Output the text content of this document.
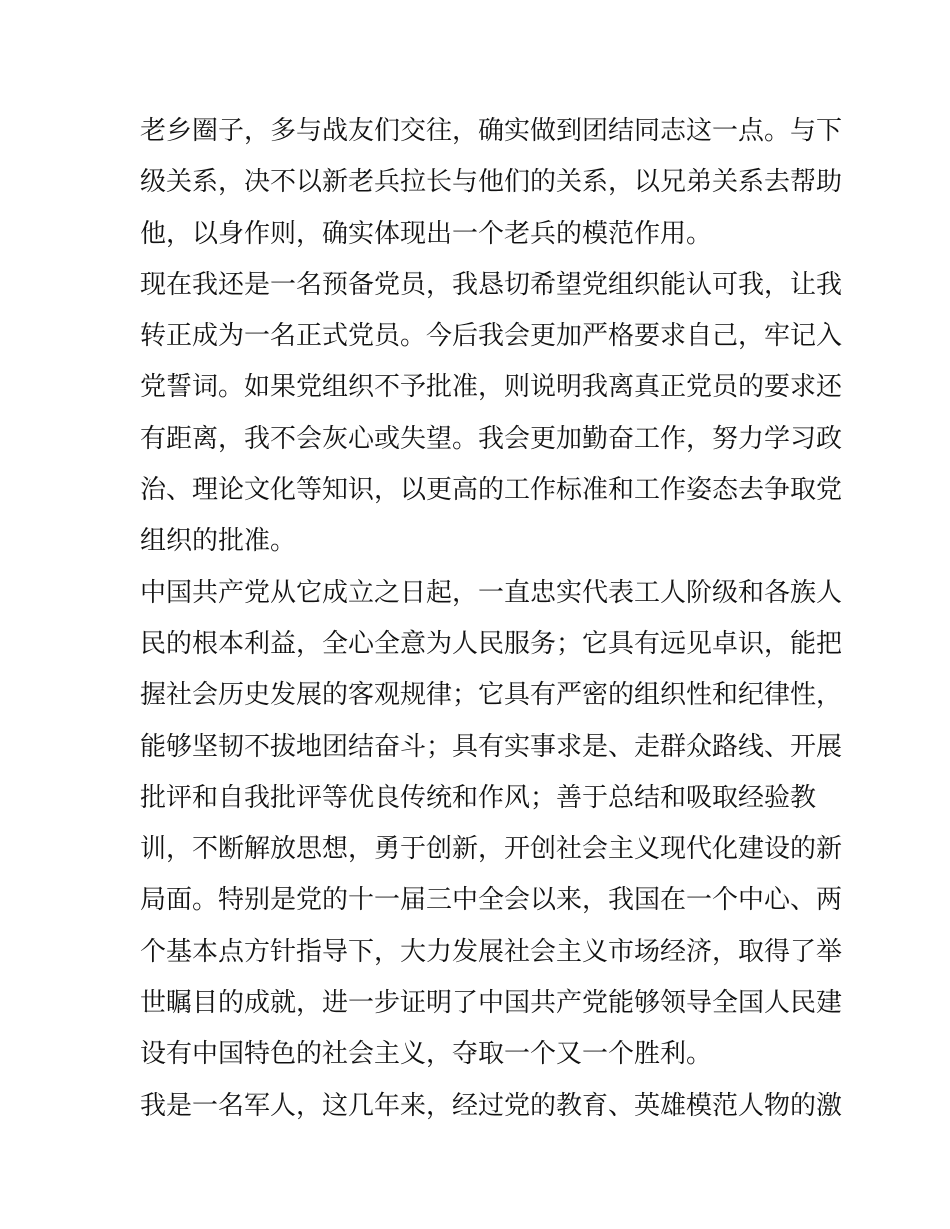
老乡圈子，多与战友们交往，确实做到团结同志这一点。与下
级关系，决不以新老兵拉长与他们的关系，以兄弟关系去帮助
他，以身作则，确实体现出一个老兵的模范作用。
现在我还是一名预备党员，我恳切希望党组织能认可我，让我
转正成为一名正式党员。今后我会更加严格要求自己，牢记入
党誓词。如果党组织不予批准，则说明我离真正党员的要求还
有距离，我不会灰心或失望。我会更加勤奋工作，努力学习政
治、理论文化等知识，以更高的工作标准和工作姿态去争取党
组织的批准。
中国共产党从它成立之日起，一直忠实代表工人阶级和各族人
民的根本利益，全心全意为人民服务；它具有远见卓识，能把
握社会历史发展的客观规律；它具有严密的组织性和纪律性，
能够坚韧不拔地团结奋斗；具有实事求是、走群众路线、开展
批评和自我批评等优良传统和作风；善于总结和吸取经验教
训，不断解放思想，勇于创新，开创社会主义现代化建设的新
局面。特别是党的十一届三中全会以来，我国在一个中心、两
个基本点方针指导下，大力发展社会主义市场经济，取得了举
世瞩目的成就，进一步证明了中国共产党能够领导全国人民建
设有中国特色的社会主义，夺取一个又一个胜利。
我是一名军人，这几年来，经过党的教育、英雄模范人物的激
